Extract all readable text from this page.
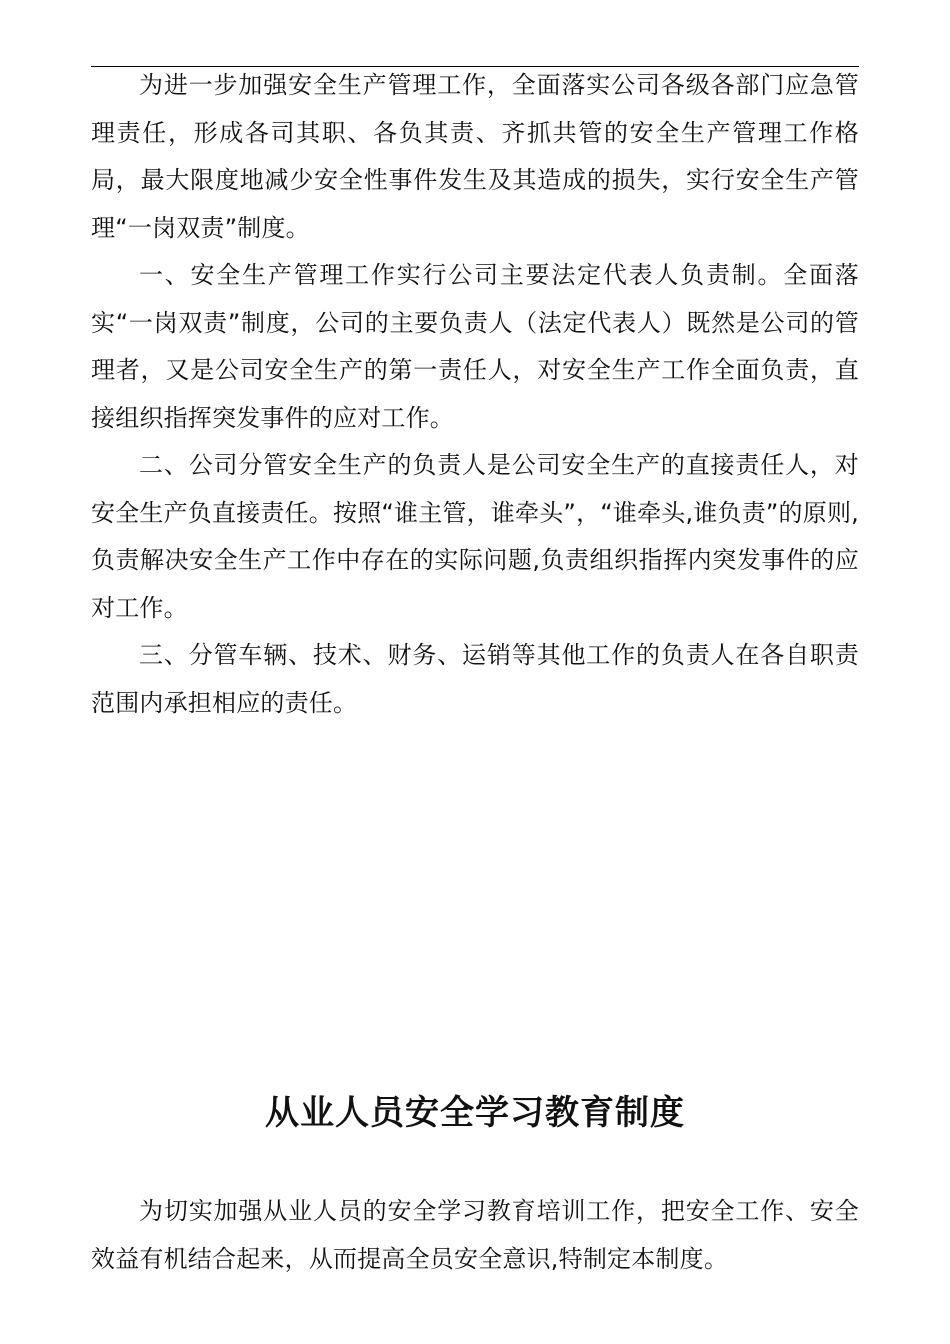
为进一步加强安全生产管理工作，全面落实公司各级各部门应急管理责任，形成各司其职、各负其责、齐抓共管的安全生产管理工作格局，最大限度地减少安全性事件发生及其造成的损失，实行安全生产管理“一岗双责”制度。

一、安全生产管理工作实行公司主要法定代表人负责制。全面落实“一岗双责”制度，公司的主要负责人（法定代表人）既然是公司的管理者，又是公司安全生产的第一责任人，对安全生产工作全面负责，直接组织指挥突发事件的应对工作。

二、公司分管安全生产的负责人是公司安全生产的直接责任人，对安全生产负直接责任。按照“谁主管，谁牵头”，“谁牵头,谁负责”的原则,负责解决安全生产工作中存在的实际问题,负责组织指挥内突发事件的应对工作。

三、分管车辆、技术、财务、运销等其他工作的负责人在各自职责范围内承担相应的责任。

从业人员安全学习教育制度

为切实加强从业人员的安全学习教育培训工作，把安全工作、安全效益有机结合起来，从而提高全员安全意识,特制定本制度。
